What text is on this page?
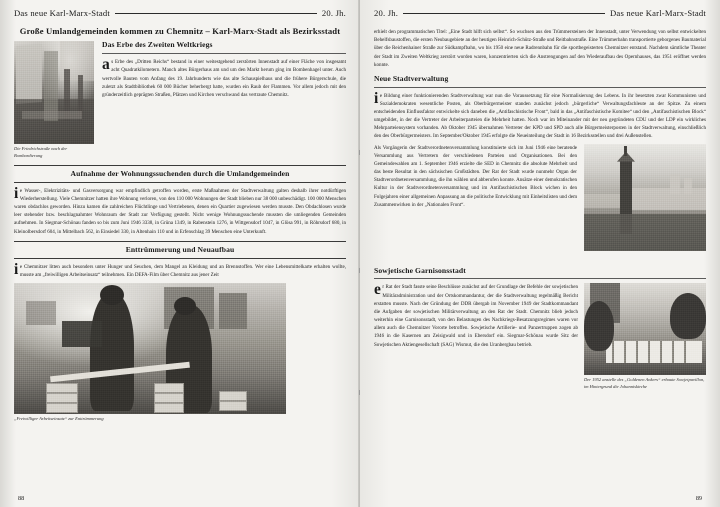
Das neue Karl-Marx-Stadt	20. Jh.
Große Umlandgemeinden kommen zu Chemnitz – Karl-Marx-Stadt als Bezirksstadt
Die Friedrichstraße nach der Bombardierung
Das Erbe des Zweiten Weltkriegs

as Erbe des „Dritten Reichs“ bestand in einer weitestgehend zerstörten Innenstadt auf einer Fläche von insgesamt acht Quadratkilometern. Manch altes Bürgerhaus am und um den Markt herum ging im Bombenhagel unter. Auch wertvolle Bauten vom Anfang des 19. Jahrhunderts wie das alte Schauspielhaus und die frühere Bürgerschule, die zuletzt als Stadtbibliothek 60 000 Bücher beherbergt hatte, wurden ein Raub der Flammen. Vor allem jedoch mit den gründerzeitlich geprägten Straßen, Plätzen und Kirchen verschwand das vertraute Chemnitz.

Aufnahme der Wohnungssuchenden durch die Umlandgemeinden

ie Wasser-, Elektrizitäts- und Gasversorgung war empfindlich getroffen worden, erste Maßnahmen der Stadtverwaltung galten deshalb ihrer notdürftigen Wiederherstellung. Viele Chemnitzer hatten ihre Wohnung verloren, von den 110 000 Wohnungen der Stadt blieben nur 38 000 unbeschädigt. 100 000 Menschen waren obdachlos geworden. Hinzu kamen die zahlreichen Flüchtlinge und Vertriebenen, denen ein Quartier zugewiesen werden musste. Den Obdachlosen wurde leer stehender bzw. beschlagnahmter Wohnraum der Stadt zur Verfügung gestellt. Nicht wenige Wohnungssuchende mussten die umliegenden Gemeinden aufnehmen. In Siegmar-Schönau fanden so bis zum Juni 1946 3338, in Grüna 1349, in Rabenstein 1276, in Wittgensdorf 1047, in Glösa 991, in Röhrsdorf 680, in Kleinolbersdorf 604, in Mittelbach 562, in Einsiedel 330, in Altenhain 110 und in Erfenschlag 39 Menschen eine Unterkunft.

Enttrümmerung und Neuaufbau

ie Chemnitzer litten auch besonders unter Hunger und Seuchen, dem Mangel an Kleidung und an Brennstoffen. Wer eine Lebensmittelkarte erhalten wollte, musste am „freiwilligen Arbeitseinsatz“ teilnehmen. Ein DEFA-Film über Chemnitz aus jener Zeit

„Freiwilliger Arbeitseinsatz“ zur Enttrümmerung
88
20. Jh.	Das neue Karl-Marx-Stadt

erhielt den programmatischen Titel: „Eine Stadt hilft sich selbst“. So wuchsen aus den Trümmersteinen der Innenstadt, unter Verwendung von selbst entwickelten Behelfsbaustoffen, die ersten Neubaugebiete an der heutigen Heinrich-Schütz-Straße und Reitbahnstraße. Eine Trümmerbahn transportierte geborgenes Baumaterial über die Reichenhainer Straße zur Südkampfbahn, wo bis 1950 eine neue Radrennbahn für die sportbegeisterten Chemnitzer entstand. Nachdem sämtliche Theater der Stadt im Zweiten Weltkrieg zerstört worden waren, konzentrierten sich die Anstrengungen auf den Wiederaufbau des Opernhauses, das 1951 eröffnet werden konnte.

Neue Stadtverwaltung

ie Bildung einer funktionierenden Stadtverwaltung war nun die Voraussetzung für eine Normalisierung des Lebens. In ihr besetzten zwar Kommunisten und Sozialdemokraten wesentliche Posten, als Oberbürgermeister standen zunächst jedoch „bürgerliche“ Verwaltungsfachleute an der Spitze. Zu einem entscheidenden Einflussfaktor entwickelte sich daneben die „Antifaschistische Front“, bald in das „Antifaschistische Komitee“ und den „Antifaschistischen Block“ umgebildet, in der die Vertreter der Arbeiterparteien die Mehrheit hatten. Noch war im Miteinander mit der neu gegründeten CDU und der LDP ein wirkliches Mehrparteiensystem vorhanden. Ab Oktober 1945 übernahmen Vertreter der KPD und SPD auch alle Bürgermeisterposten in der Stadtverwaltung, einschließlich den des Oberbürgermeisters. Im September/Oktober 1945 erfolgte die Neueinteilung der Stadt in 16 Bezirksstellen und drei Außenstellen.

Als Vorgängerin der Stadtverordnetenversammlung konstituierte sich im Juni 1946 eine beratende Versammlung aus Vertretern der verschiedenen Parteien und Organisationen. Bei den Gemeindewahlen am 1. September 1946 erzielte die SED in Chemnitz die absolute Mehrheit und das beste Resultat in den sächsischen Großstädten. Der Rat der Stadt wurde nunmehr Organ der Stadtverordnetenversammlung, die ihn wählen und abberufen konnte. Ansätze einer demokratischen Kultur in der Stadtverordnetenversammlung und im Antifaschistischen Block wichen in den Folgejahren einer allgemeinen Anpassung an die politische Entwicklung mit Einheitslisten und dem Zusammenwirken in der „Nationalen Front“.

Sowjetische Garnisonsstadt
Der 1952 anstelle des „Goldenen Ankers“ erbaute Sowjetpavillon, im Hintergrund die Johanniskirche

er Rat der Stadt fasste seine Beschlüsse zunächst auf der Grundlage der Befehle der sowjetischen Militäradministration und der Ortskommandantur, der die Stadtverwaltung regelmäßig Bericht erstatten musste. Nach der Gründung der DDR übergab im November 1949 der Stadtkommandant die Aufgaben der sowjetischen Militärverwaltung an den Rat der Stadt. Chemnitz blieb jedoch weiterhin eine Garnisonsstadt, von den Belastungen des Nachkriegs-Besatzungsregimes waren vor allem auch die Chemnitzer Vororte betroffen. Sowjetische Artillerie- und Panzertruppen zogen ab 1946 in die Kasernen am Zeisigwald und in Ebersdorf ein. Siegmar-Schönau wurde Sitz der Sowjetischen Aktiengesellschaft (SAG) Wismut, die den Uranbergbau betrieb.

89
